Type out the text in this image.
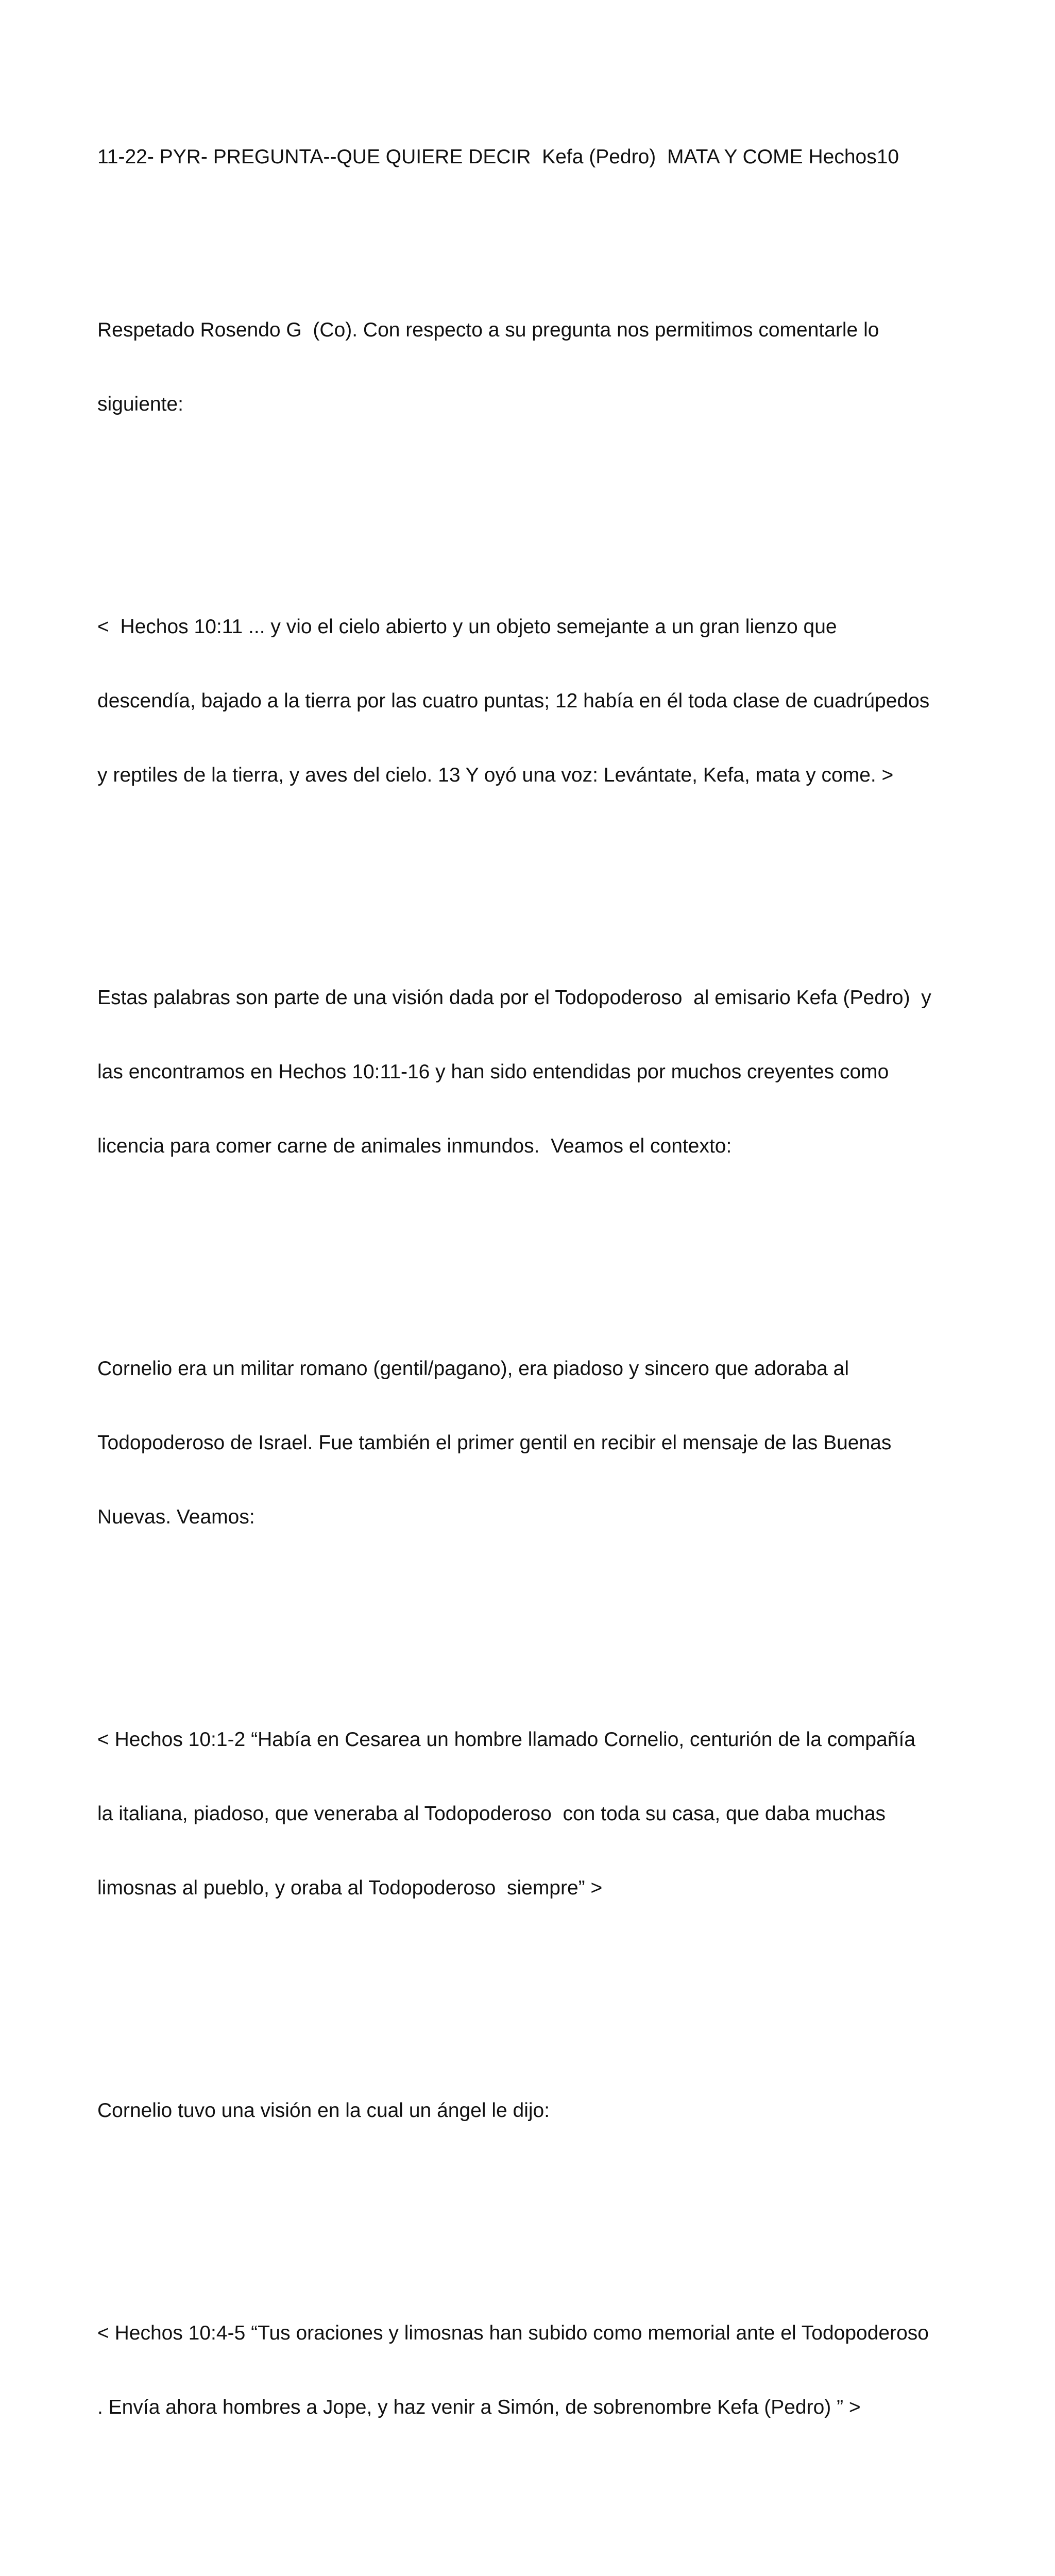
11-22- PYR- PREGUNTA--QUE QUIERE DECIR  Kefa (Pedro)  MATA Y COME Hechos10

Respetado Rosendo G  (Co). Con respecto a su pregunta nos permitimos comentarle lo

siguiente:

<  Hechos 10:11 ... y vio el cielo abierto y un objeto semejante a un gran lienzo que

descendía, bajado a la tierra por las cuatro puntas; 12 había en él toda clase de cuadrúpedos

y reptiles de la tierra, y aves del cielo. 13 Y oyó una voz: Levántate, Kefa, mata y come. >

Estas palabras son parte de una visión dada por el Todopoderoso  al emisario Kefa (Pedro)  y

las encontramos en Hechos 10:11-16 y han sido entendidas por muchos creyentes como

licencia para comer carne de animales inmundos.  Veamos el contexto:

Cornelio era un militar romano (gentil/pagano), era piadoso y sincero que adoraba al

Todopoderoso de Israel. Fue también el primer gentil en recibir el mensaje de las Buenas

Nuevas. Veamos:

< Hechos 10:1-2 “Había en Cesarea un hombre llamado Cornelio, centurión de la compañía

la italiana, piadoso, que veneraba al Todopoderoso  con toda su casa, que daba muchas

limosnas al pueblo, y oraba al Todopoderoso  siempre” >

Cornelio tuvo una visión en la cual un ángel le dijo:

< Hechos 10:4-5 “Tus oraciones y limosnas han subido como memorial ante el Todopoderoso

. Envía ahora hombres a Jope, y haz venir a Simón, de sobrenombre Kefa (Pedro) ” >
